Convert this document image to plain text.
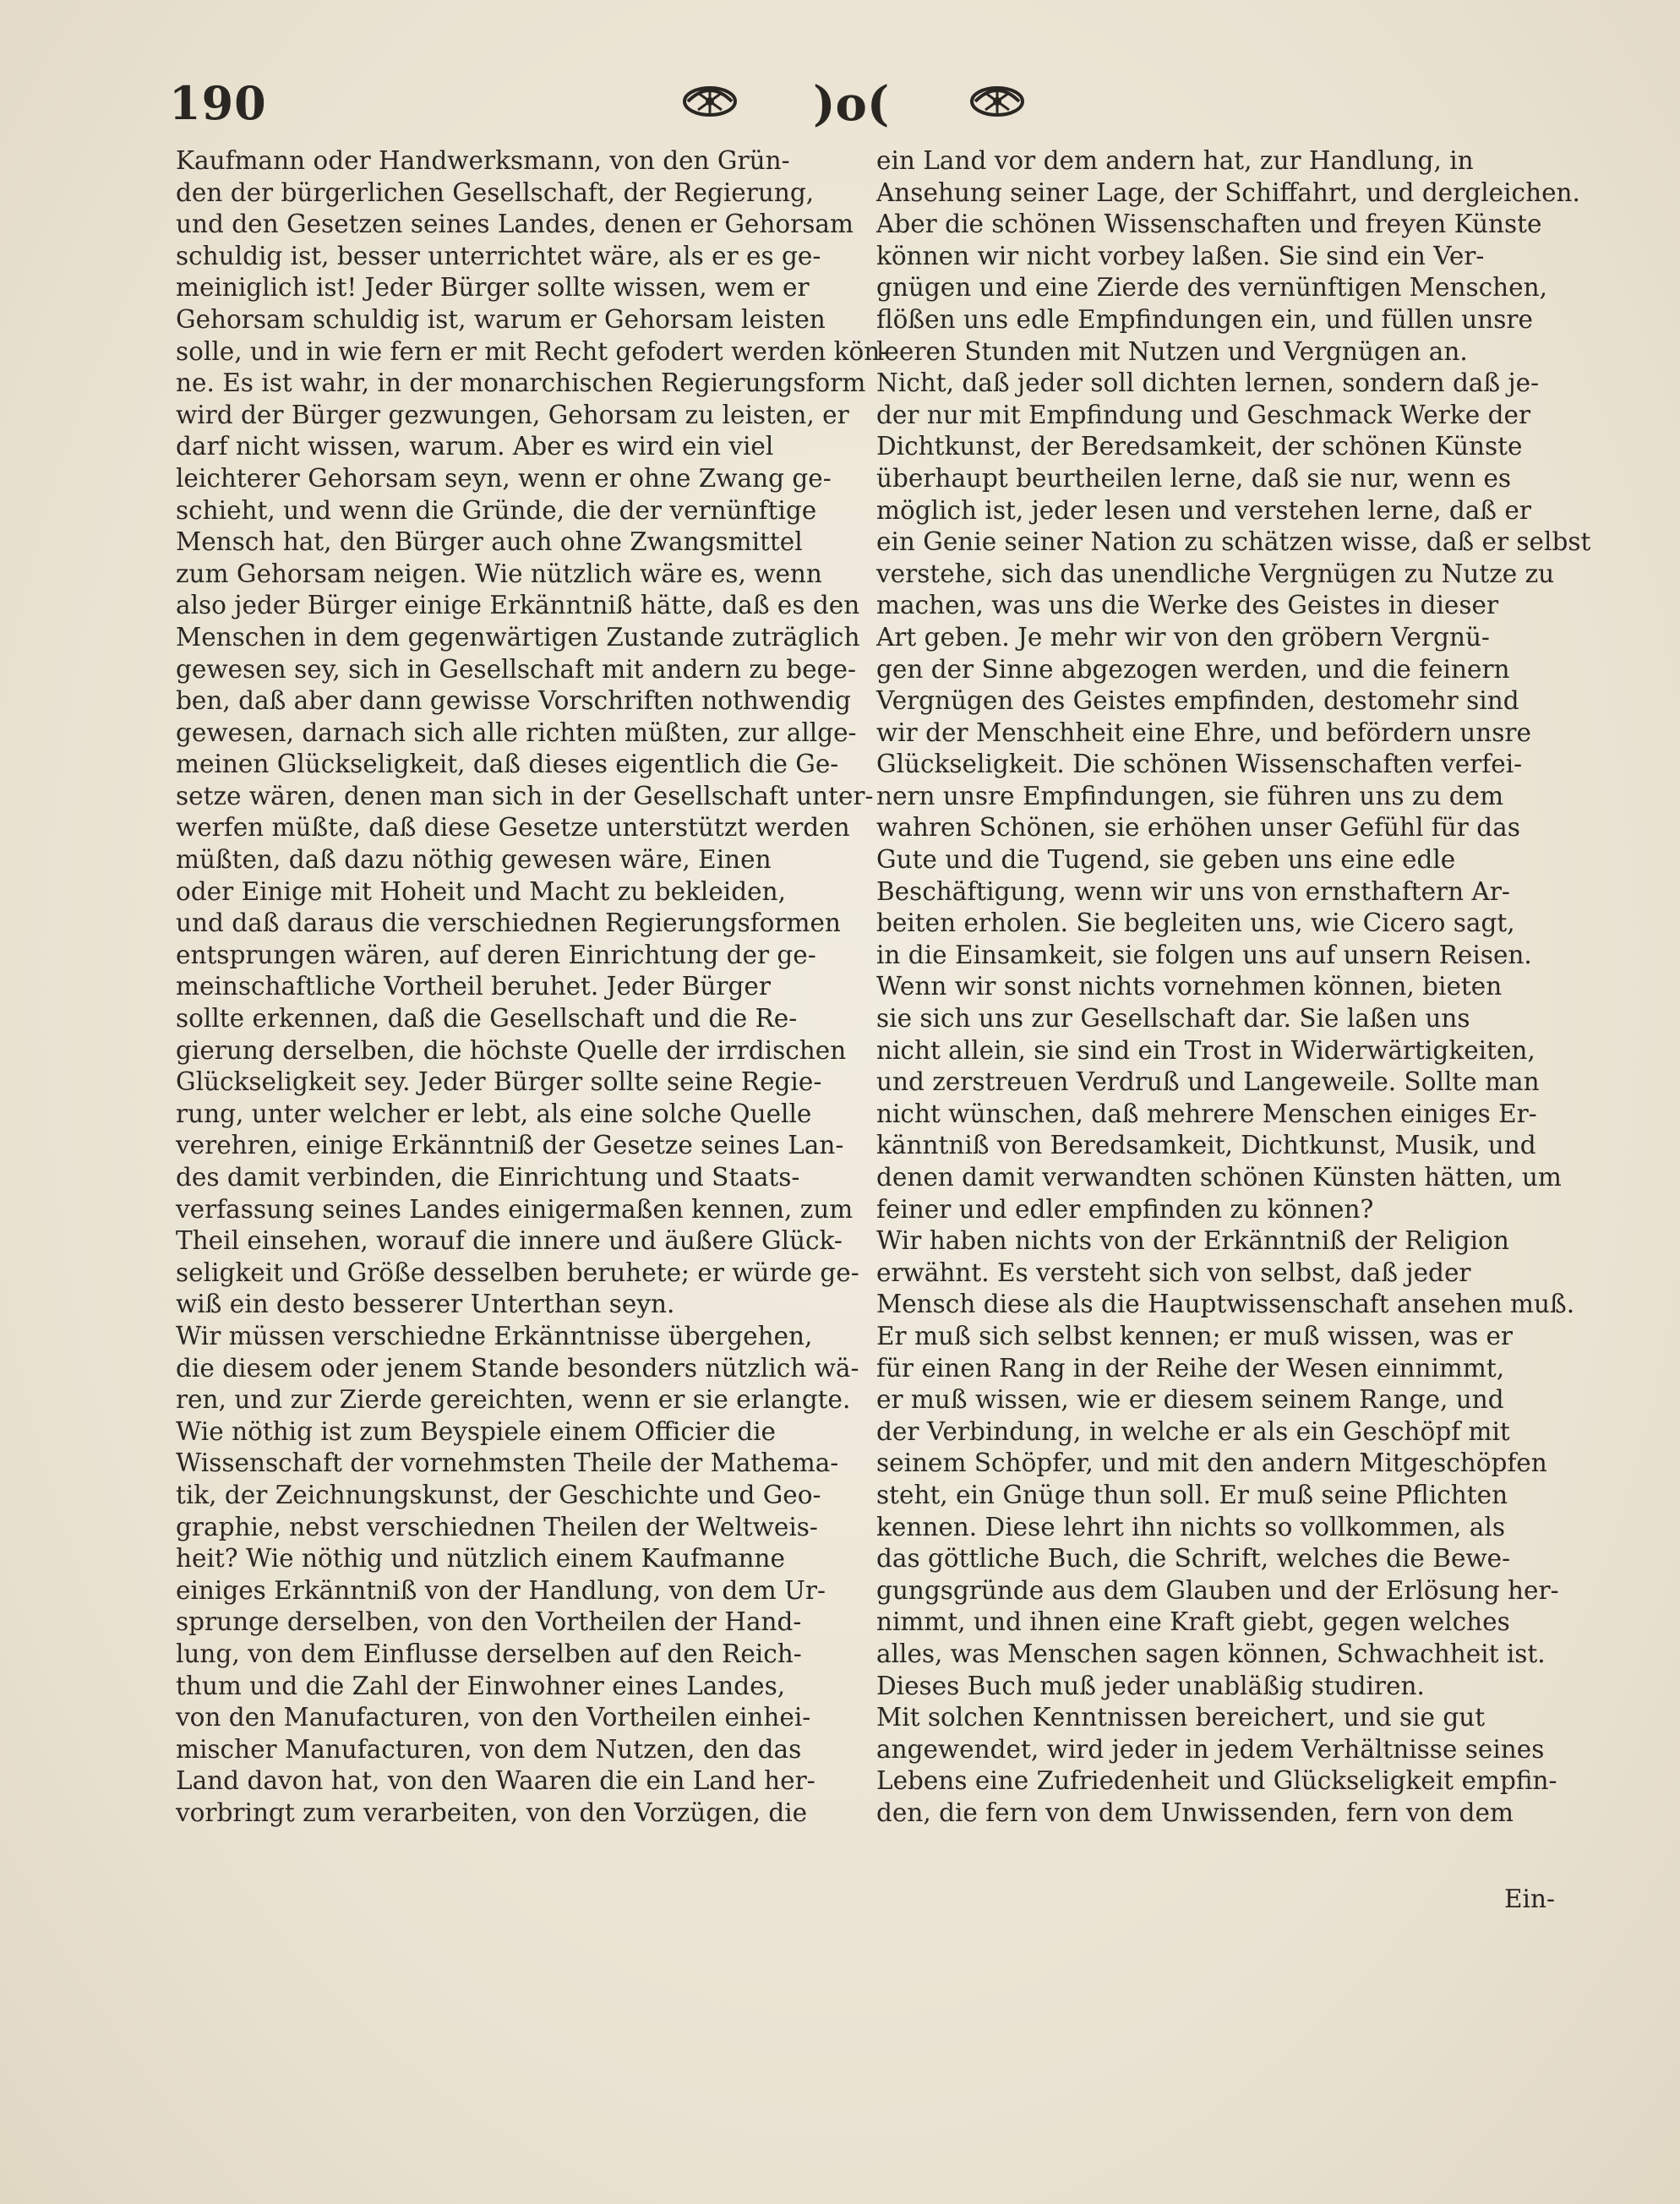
190	)o(
Kaufmann oder Handwerksmann, von den Grün-
den der bürgerlichen Gesellschaft, der Regierung,
und den Gesetzen seines Landes, denen er Gehorsam
schuldig ist, besser unterrichtet wäre, als er es ge-
meiniglich ist! Jeder Bürger sollte wissen, wem er
Gehorsam schuldig ist, warum er Gehorsam leisten
solle, und in wie fern er mit Recht gefodert werden kön-
ne. Es ist wahr, in der monarchischen Regierungsform
wird der Bürger gezwungen, Gehorsam zu leisten, er
darf nicht wissen, warum. Aber es wird ein viel
leichterer Gehorsam seyn, wenn er ohne Zwang ge-
schieht, und wenn die Gründe, die der vernünftige
Mensch hat, den Bürger auch ohne Zwangsmittel
zum Gehorsam neigen. Wie nützlich wäre es, wenn
also jeder Bürger einige Erkänntniß hätte, daß es den
Menschen in dem gegenwärtigen Zustande zuträglich
gewesen sey, sich in Gesellschaft mit andern zu bege-
ben, daß aber dann gewisse Vorschriften nothwendig
gewesen, darnach sich alle richten müßten, zur allge-
meinen Glückseligkeit, daß dieses eigentlich die Ge-
setze wären, denen man sich in der Gesellschaft unter-
werfen müßte, daß diese Gesetze unterstützt werden
müßten, daß dazu nöthig gewesen wäre, Einen
oder Einige mit Hoheit und Macht zu bekleiden,
und daß daraus die verschiednen Regierungsformen
entsprungen wären, auf deren Einrichtung der ge-
meinschaftliche Vortheil beruhet. Jeder Bürger
sollte erkennen, daß die Gesellschaft und die Re-
gierung derselben, die höchste Quelle der irrdischen
Glückseligkeit sey. Jeder Bürger sollte seine Regie-
rung, unter welcher er lebt, als eine solche Quelle
verehren, einige Erkänntniß der Gesetze seines Lan-
des damit verbinden, die Einrichtung und Staats-
verfassung seines Landes einigermaßen kennen, zum
Theil einsehen, worauf die innere und äußere Glück-
seligkeit und Größe desselben beruhete; er würde ge-
wiß ein desto besserer Unterthan seyn.
Wir müssen verschiedne Erkänntnisse übergehen,
die diesem oder jenem Stande besonders nützlich wä-
ren, und zur Zierde gereichten, wenn er sie erlangte.
Wie nöthig ist zum Beyspiele einem Officier die
Wissenschaft der vornehmsten Theile der Mathema-
tik, der Zeichnungskunst, der Geschichte und Geo-
graphie, nebst verschiednen Theilen der Weltweis-
heit? Wie nöthig und nützlich einem Kaufmanne
einiges Erkänntniß von der Handlung, von dem Ur-
sprunge derselben, von den Vortheilen der Hand-
lung, von dem Einflusse derselben auf den Reich-
thum und die Zahl der Einwohner eines Landes,
von den Manufacturen, von den Vortheilen einhei-
mischer Manufacturen, von dem Nutzen, den das
Land davon hat, von den Waaren die ein Land her-
vorbringt zum verarbeiten, von den Vorzügen, die
ein Land vor dem andern hat, zur Handlung, in
Ansehung seiner Lage, der Schiffahrt, und dergleichen.
Aber die schönen Wissenschaften und freyen Künste
können wir nicht vorbey laßen. Sie sind ein Ver-
gnügen und eine Zierde des vernünftigen Menschen,
flößen uns edle Empfindungen ein, und füllen unsre
leeren Stunden mit Nutzen und Vergnügen an.
Nicht, daß jeder soll dichten lernen, sondern daß je-
der nur mit Empfindung und Geschmack Werke der
Dichtkunst, der Beredsamkeit, der schönen Künste
überhaupt beurtheilen lerne, daß sie nur, wenn es
möglich ist, jeder lesen und verstehen lerne, daß er
ein Genie seiner Nation zu schätzen wisse, daß er selbst
verstehe, sich das unendliche Vergnügen zu Nutze zu
machen, was uns die Werke des Geistes in dieser
Art geben. Je mehr wir von den gröbern Vergnü-
gen der Sinne abgezogen werden, und die feinern
Vergnügen des Geistes empfinden, destomehr sind
wir der Menschheit eine Ehre, und befördern unsre
Glückseligkeit. Die schönen Wissenschaften verfei-
nern unsre Empfindungen, sie führen uns zu dem
wahren Schönen, sie erhöhen unser Gefühl für das
Gute und die Tugend, sie geben uns eine edle
Beschäftigung, wenn wir uns von ernsthaftern Ar-
beiten erholen. Sie begleiten uns, wie Cicero sagt,
in die Einsamkeit, sie folgen uns auf unsern Reisen.
Wenn wir sonst nichts vornehmen können, bieten
sie sich uns zur Gesellschaft dar. Sie laßen uns
nicht allein, sie sind ein Trost in Widerwärtigkeiten,
und zerstreuen Verdruß und Langeweile. Sollte man
nicht wünschen, daß mehrere Menschen einiges Er-
känntniß von Beredsamkeit, Dichtkunst, Musik, und
denen damit verwandten schönen Künsten hätten, um
feiner und edler empfinden zu können?
Wir haben nichts von der Erkänntniß der Religion
erwähnt. Es versteht sich von selbst, daß jeder
Mensch diese als die Hauptwissenschaft ansehen muß.
Er muß sich selbst kennen; er muß wissen, was er
für einen Rang in der Reihe der Wesen einnimmt,
er muß wissen, wie er diesem seinem Range, und
der Verbindung, in welche er als ein Geschöpf mit
seinem Schöpfer, und mit den andern Mitgeschöpfen
steht, ein Gnüge thun soll. Er muß seine Pflichten
kennen. Diese lehrt ihn nichts so vollkommen, als
das göttliche Buch, die Schrift, welches die Bewe-
gungsgründe aus dem Glauben und der Erlösung her-
nimmt, und ihnen eine Kraft giebt, gegen welches
alles, was Menschen sagen können, Schwachheit ist.
Dieses Buch muß jeder unabläßig studiren.
Mit solchen Kenntnissen bereichert, und sie gut
angewendet, wird jeder in jedem Verhältnisse seines
Lebens eine Zufriedenheit und Glückseligkeit empfin-
den, die fern von dem Unwissenden, fern von dem
Ein-
